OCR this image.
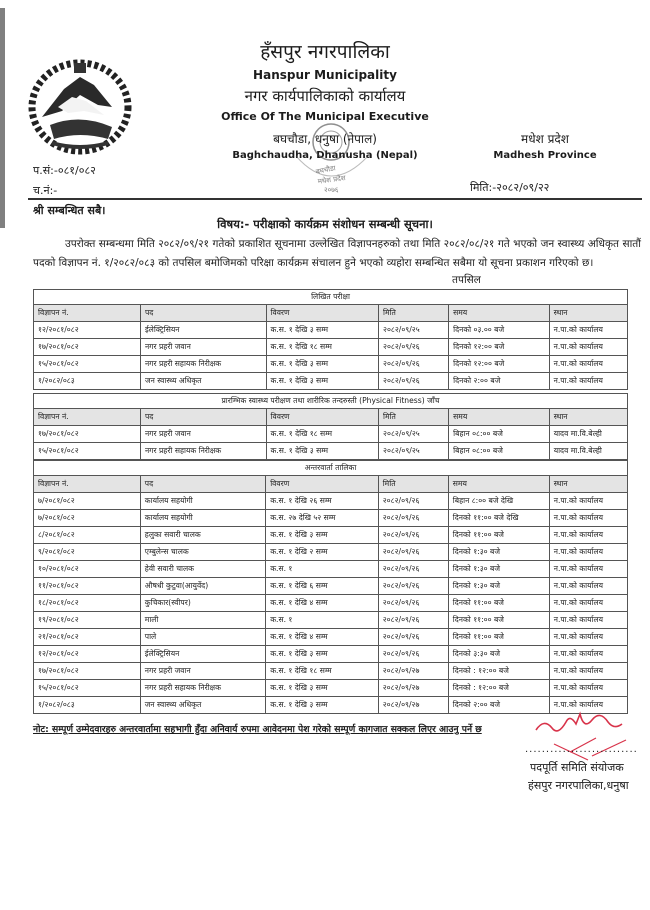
हँसपुर नगरपालिका
Hanspur Municipality
नगर कार्यपालिकाको कार्यालय
Office Of The Municipal Executive
बघचौडा, धनुषा (नेपाल)
Baghchaudha, Dhanusha (Nepal)
मधेश प्रदेश
Madhesh Province
बघचौडा
मधेश प्रदेश
२०७६
प.सं:-०८१/०८२
च.नं:-	मिति:-२०८२/०९/२२
श्री सम्बन्धित सबै।
विषय:- परीक्षाको कार्यक्रम संशोधन सम्बन्धी सूचना।
उपरोक्त सम्बन्धमा मिति २०८२/०९/२१ गतेको प्रकाशित सूचनामा उल्लेखित विज्ञापनहरुको तथा मिति २०८२/०८/२१ गते भएको जन स्वास्थ्य अधिकृत सातौं पदको विज्ञापन नं. १/२०८२/०८३ को तपसिल बमोजिमको परिक्षा कार्यक्रम संचालन हुने भएको व्यहोरा सम्बन्धित सबैमा यो सूचना प्रकाशन गरिएको छ।
तपसिल
लिखित परीक्षा					
विज्ञापन नं.	पद	विवरण	मिति	समय	स्थान
१२/२०८१/०८२	ईलेक्ट्रिसियन	क.स. १ देखि ३ सम्म	२०८२/०९/२५	दिनको ०३.०० बजे	न.पा.को कार्यालय
१७/२०८१/०८२	नगर प्रहरी जवान	क.स. १ देखि १८ सम्म	२०८२/०९/२६	दिनको १२:०० बजे	न.पा.को कार्यालय
१५/२०८१/०८२	नगर प्रहरी सहायक निरीक्षक	क.स. १ देखि ३ सम्म	२०८२/०९/२६	दिनको १२:०० बजे	न.पा.को कार्यालय
१/२०८२/०८३	जन स्वास्थ्य अधिकृत	क.स. १ देखि ३ सम्म	२०८२/०९/२६	दिनको २:०० बजे	न.पा.को कार्यालय
प्रारम्भिक स्वास्थ्य परीक्षण तथा शारीरिक तन्दरुस्ती (Physical Fitness) जाँच					
विज्ञापन नं.	पद	विवरण	मिति	समय	स्थान
१७/२०८१/०८२	नगर प्रहरी जवान	क.स. १ देखि १८ सम्म	२०८२/०९/२५	बिहान ०८:०० बजे	यादव मा.वि.बेल्ही
१५/२०८१/०८२	नगर प्रहरी सहायक निरीक्षक	क.स. १ देखि ३ सम्म	२०८२/०९/२५	बिहान ०८:०० बजे	यादव मा.वि.बेल्ही
अन्तरवार्ता तालिका					
विज्ञापन नं.	पद	विवरण	मिति	समय	स्थान
७/२०८१/०८२	कार्यालय सहयोगी	क.स. १ देखि २६ सम्म	२०८२/०९/२६	बिहान ८:०० बजे देखि	न.पा.को कार्यालय
७/२०८१/०८२	कार्यालय सहयोगी	क.स. २७ देखि ५२ सम्म	२०८२/०९/२६	दिनको ११:०० बजे देखि	न.पा.को कार्यालय
८/२०८१/०८२	हलुका सवारी चालक	क.स. १ देखि ३ सम्म	२०८२/०९/२६	दिनको ११:०० बजे	न.पा.को कार्यालय
९/२०८१/०८२	एम्बुलेन्स चालक	क.स. १ देखि २ सम्म	२०८२/०९/२६	दिनको १:३० बजे	न.पा.को कार्यालय
१०/२०८१/०८२	हेवी सवारी चालक	क.स. १	२०८२/०९/२६	दिनको १:३० बजे	न.पा.को कार्यालय
११/२०८१/०८२	औषधी कुटुवा(आयुर्वेद)	क.स. १ देखि ६ सम्म	२०८२/०९/२६	दिनको १:३० बजे	न.पा.को कार्यालय
१८/२०८१/०८२	कुचिकार(स्वीपर)	क.स. १ देखि ४ सम्म	२०८२/०९/२६	दिनको ११:०० बजे	न.पा.को कार्यालय
१९/२०८१/०८२	माली	क.स. १	२०८२/०९/२६	दिनको ११:०० बजे	न.पा.को कार्यालय
२१/२०८१/०८२	पाले	क.स. १ देखि ४ सम्म	२०८२/०९/२६	दिनको ११:०० बजे	न.पा.को कार्यालय
१२/२०८१/०८२	ईलेक्ट्रिसियन	क.स. १ देखि ३ सम्म	२०८२/०९/२६	दिनको ३:३० बजे	न.पा.को कार्यालय
१७/२०८१/०८२	नगर प्रहरी जवान	क.स. १ देखि १८ सम्म	२०८२/०९/२७	दिनको : १२:०० बजे	न.पा.को कार्यालय
१५/२०८१/०८२	नगर प्रहरी सहायक निरीक्षक	क.स. १ देखि ३ सम्म	२०८२/०९/२७	दिनको : १२:०० बजे	न.पा.को कार्यालय
१/२०८२/०८३	जन स्वास्थ्य अधिकृत	क.स. १ देखि ३ सम्म	२०८२/०९/२७	दिनको २:०० बजे	न.पा.को कार्यालय
नोट: सम्पूर्ण उम्मेदवारहरु अन्तरवार्तामा सहभागी हुँदा अनिवार्य रुपमा आवेदनमा पेश गरेको सम्पूर्ण कागजात सक्कल लिएर आउनु पर्ने छ
...........................
पदपूर्ति समिति संयोजक
हंसपुर नगरपालिका,धनुषा
